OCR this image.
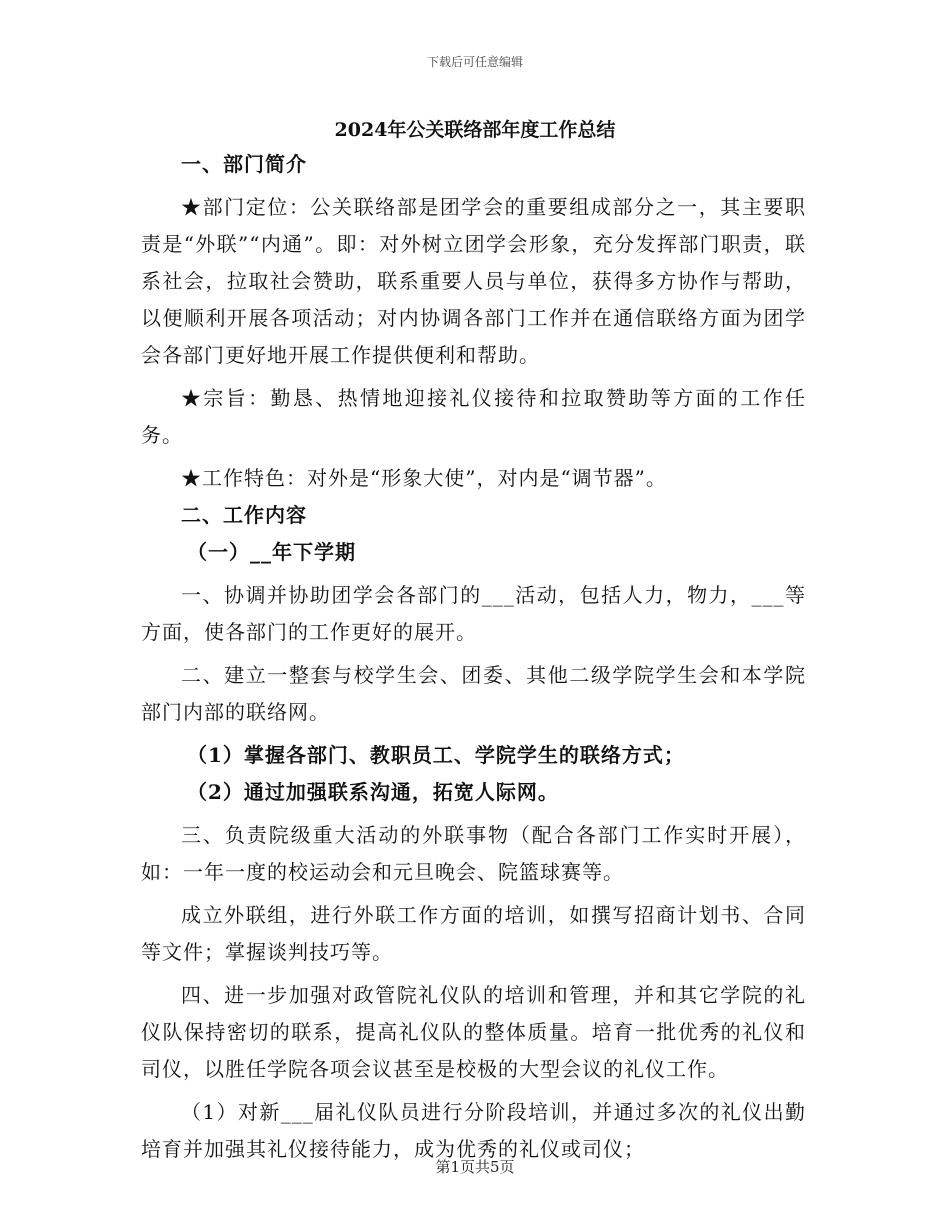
下载后可任意编辑
2024年公关联络部年度工作总结

一、部门简介

★部门定位：公关联络部是团学会的重要组成部分之一，其主要职责是“外联”“内通”。即：对外树立团学会形象，充分发挥部门职责，联系社会，拉取社会赞助，联系重要人员与单位，获得多方协作与帮助，以便顺利开展各项活动；对内协调各部门工作并在通信联络方面为团学会各部门更好地开展工作提供便利和帮助。

★宗旨：勤恳、热情地迎接礼仪接待和拉取赞助等方面的工作任务。

★工作特色：对外是“形象大使”，对内是“调节器”。

二、工作内容

（一）__年下学期

一、协调并协助团学会各部门的___活动，包括人力，物力，___等方面，使各部门的工作更好的展开。

二、建立一整套与校学生会、团委、其他二级学院学生会和本学院部门内部的联络网。

（1）掌握各部门、教职员工、学院学生的联络方式；

（2）通过加强联系沟通，拓宽人际网。

三、负责院级重大活动的外联事物（配合各部门工作实时开展），如：一年一度的校运动会和元旦晚会、院篮球赛等。

成立外联组，进行外联工作方面的培训，如撰写招商计划书、合同等文件；掌握谈判技巧等。

四、进一步加强对政管院礼仪队的培训和管理，并和其它学院的礼仪队保持密切的联系，提高礼仪队的整体质量。培育一批优秀的礼仪和司仪，以胜任学院各项会议甚至是校极的大型会议的礼仪工作。

（1）对新___届礼仪队员进行分阶段培训，并通过多次的礼仪出勤培育并加强其礼仪接待能力，成为优秀的礼仪或司仪；

第1页共5页
